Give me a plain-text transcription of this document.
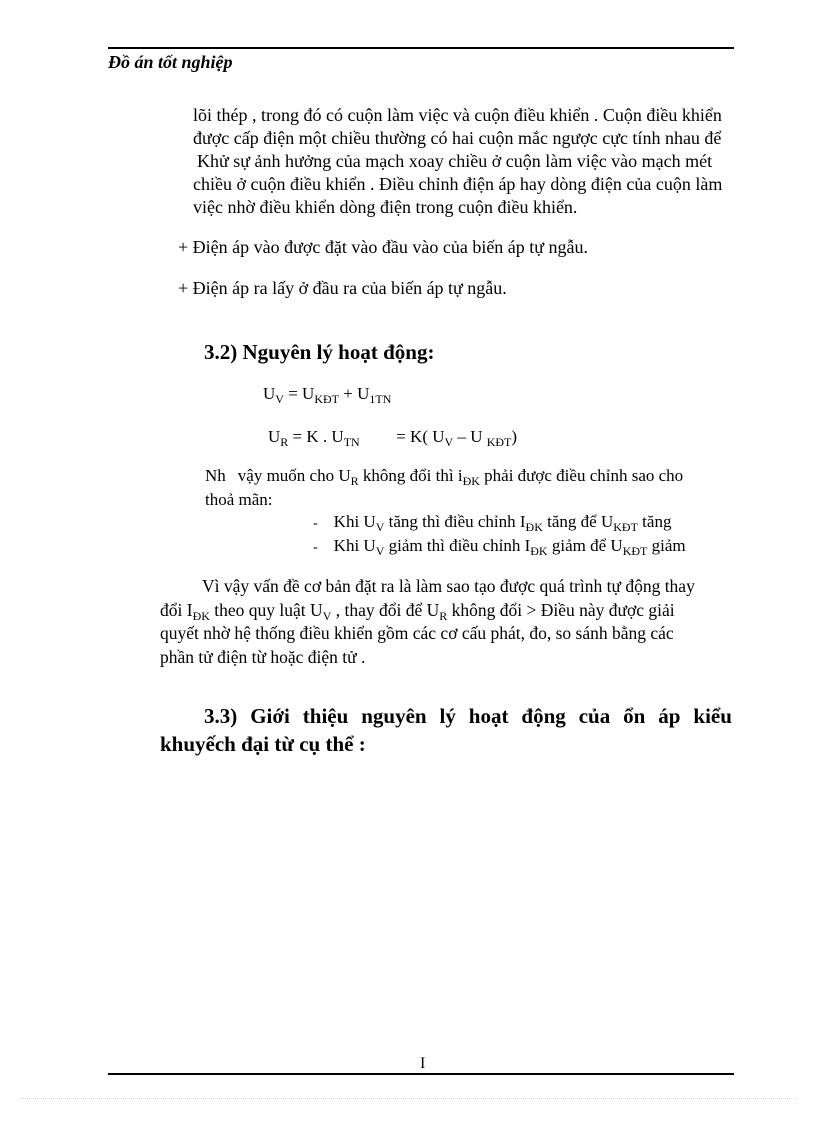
Đồ án tốt nghiệp
lõi thép , trong đó có cuộn làm việc và cuộn điều khiển . Cuộn điều khiển
được cấp điện một chiều thường có hai cuộn mắc ngược cực tính nhau để
Khử sự ảnh hưởng của mạch xoay chiều ở cuộn làm việc vào mạch mét
chiều ở cuộn điều khiển . Điều chỉnh điện áp hay dòng điện của cuộn làm
việc nhờ điều khiển dòng điện trong cuộn điều khiển.
+ Điện áp vào được đặt vào đầu vào của biến áp tự ngẫu.
+ Điện áp ra lấy ở đầu ra của biến áp tự ngẫu.
3.2) Nguyên lý hoạt động:
$U_V = U_{KĐT} + U_{1TN}$
$U_R = K$ . $U_{TN} = K$( $U_V$ – U $_{KĐT}$)
Nh vậy muốn cho $U_R$ không đổi thì $i_{ĐK}$ phải được điều chỉnh sao cho
thoả mãn:
- Khi $U_V$ tăng thì điều chỉnh $I_{ĐK}$ tăng để $U_{KĐT}$ tăng
- Khi $U_V$ giảm thì điều chỉnh $I_{ĐK}$ giảm để $U_{KĐT}$ giảm
Vì vậy vấn đề cơ bản đặt ra là làm sao tạo được quá trình tự động thay
đổi $I_{ĐK}$ theo quy luật $U_V$ , thay đổi để $U_R$ không đổi > Điều này được giải
quyết nhờ hệ thống điều khiển gồm các cơ cấu phát, đo, so sánh bằng các
phần tử điện từ hoặc điện tử .
3.3) Giới thiệu nguyên lý hoạt động của ổn áp kiểu
khuyếch đại từ cụ thể :
I
